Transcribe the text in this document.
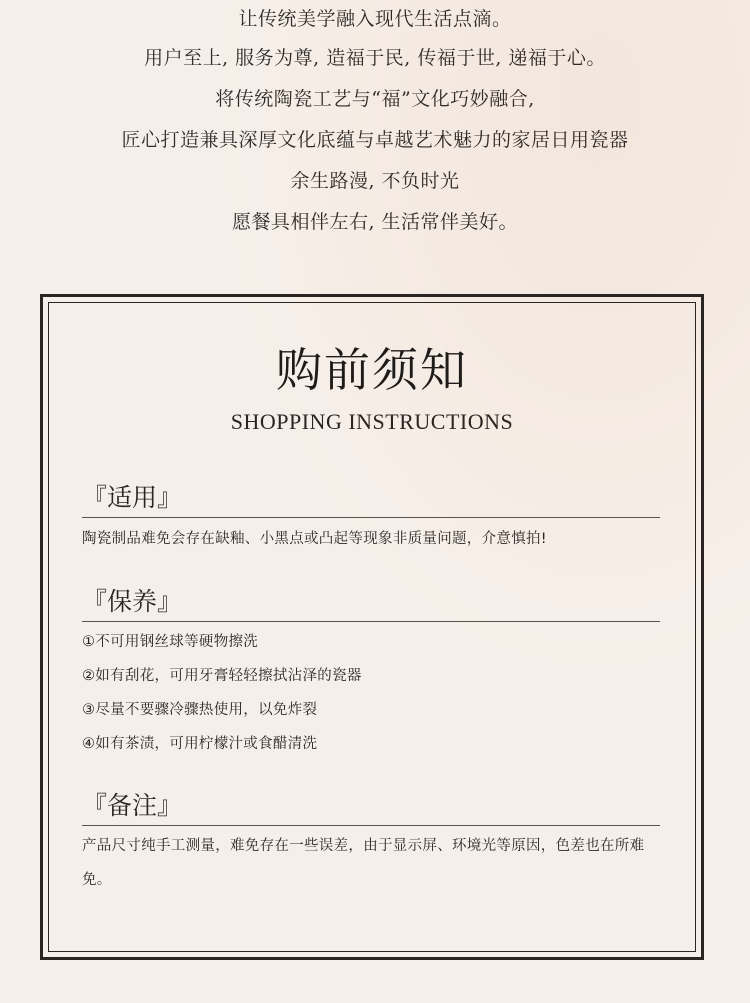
让传统美学融入现代生活点滴。
用户至上, 服务为尊, 造福于民, 传福于世, 递福于心。
将传统陶瓷工艺与“福”文化巧妙融合,
匠心打造兼具深厚文化底蕴与卓越艺术魅力的家居日用瓷器
余生路漫, 不负时光
愿餐具相伴左右, 生活常伴美好。
购前须知
SHOPPING INSTRUCTIONS
『适用』
陶瓷制品难免会存在缺釉、小黑点或凸起等现象非质量问题，介意慎拍!
『保养』
①不可用钢丝球等硬物擦洗
②如有刮花，可用牙膏轻轻擦拭沾泽的瓷器
③尽量不要骤冷骤热使用，以免炸裂
④如有茶渍，可用柠檬汁或食醋清洗
『备注』
产品尺寸纯手工测量，难免存在一些误差，由于显示屏、环境光等原因，色差也在所难免。
